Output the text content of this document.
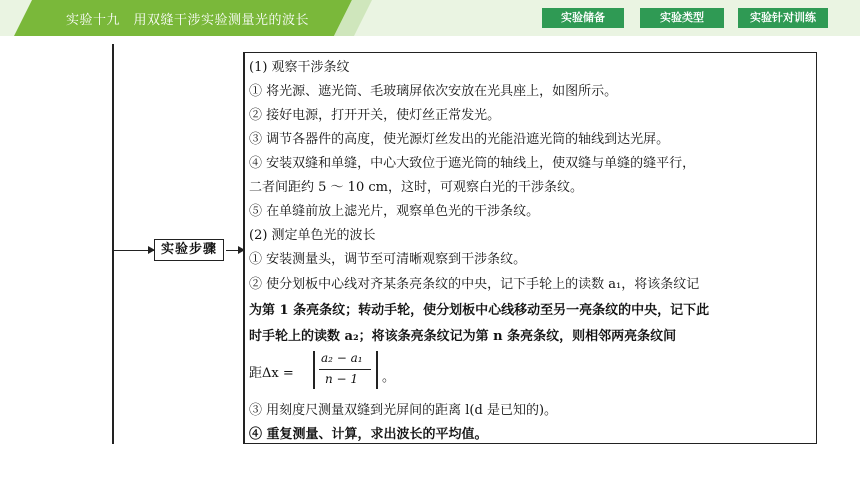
实验十九　用双缝干涉实验测量光的波长	实验储备	实验类型	实验针对训练
实验步骤
(1) 观察干涉条纹
① 将光源、遮光筒、毛玻璃屏依次安放在光具座上，如图所示。
② 接好电源，打开开关，使灯丝正常发光。
③ 调节各器件的高度，使光源灯丝发出的光能沿遮光筒的轴线到达光屏。
④ 安装双缝和单缝，中心大致位于遮光筒的轴线上，使双缝与单缝的缝平行，
二者间距约 5 ～ 10 cm，这时，可观察白光的干涉条纹。
⑤ 在单缝前放上滤光片，观察单色光的干涉条纹。
(2) 测定单色光的波长
① 安装测量头，调节至可清晰观察到干涉条纹。
② 使分划板中心线对齐某条亮条纹的中央，记下手轮上的读数 a₁，将该条纹记
为第 1 条亮条纹；转动手轮，使分划板中心线移动至另一亮条纹的中央，记下此
时手轮上的读数 a₂；将该条亮条纹记为第 n 条亮条纹，则相邻两亮条纹间
距Δx =
a₂ − a₁
n − 1 。
③ 用刻度尺测量双缝到光屏间的距离 l(d 是已知的)。
④ 重复测量、计算，求出波长的平均值。
